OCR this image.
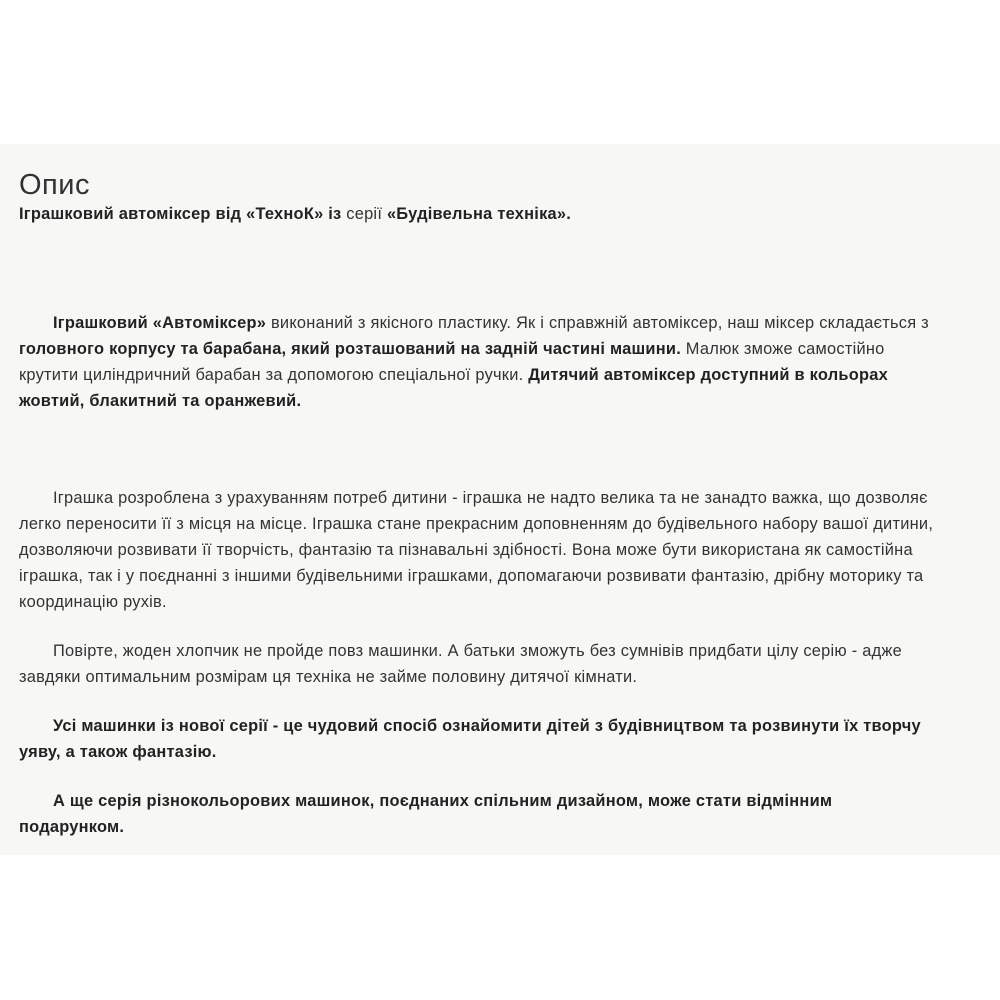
Опис

Іграшковий автоміксер від «ТехноК» із серії «Будівельна техніка».

Іграшковий «Автоміксер» виконаний з якісного пластику. Як і справжній автоміксер, наш міксер складається з головного корпусу та барабана, який розташований на задній частині машини. Малюк зможе самостійно крутити циліндричний барабан за допомогою спеціальної ручки. Дитячий автоміксер доступний в кольорах жовтий, блакитний та оранжевий.

Іграшка розроблена з урахуванням потреб дитини - іграшка не надто велика та не занадто важка, що дозволяє легко переносити її з місця на місце. Іграшка стане прекрасним доповненням до будівельного набору вашої дитини, дозволяючи розвивати її творчість, фантазію та пізнавальні здібності. Вона може бути використана як самостійна іграшка, так і у поєднанні з іншими будівельними іграшками, допомагаючи розвивати фантазію, дрібну моторику та координацію рухів.

Повірте, жоден хлопчик не пройде повз машинки. А батьки зможуть без сумнівів придбати цілу серію - адже завдяки оптимальним розмірам ця техніка не займе половину дитячої кімнати.

Усі машинки із нової серії - це чудовий спосіб ознайомити дітей з будівництвом та розвинути їх творчу уяву, а також фантазію.

А ще серія різнокольорових машинок, поєднаних спільним дизайном, може стати відмінним подарунком.
